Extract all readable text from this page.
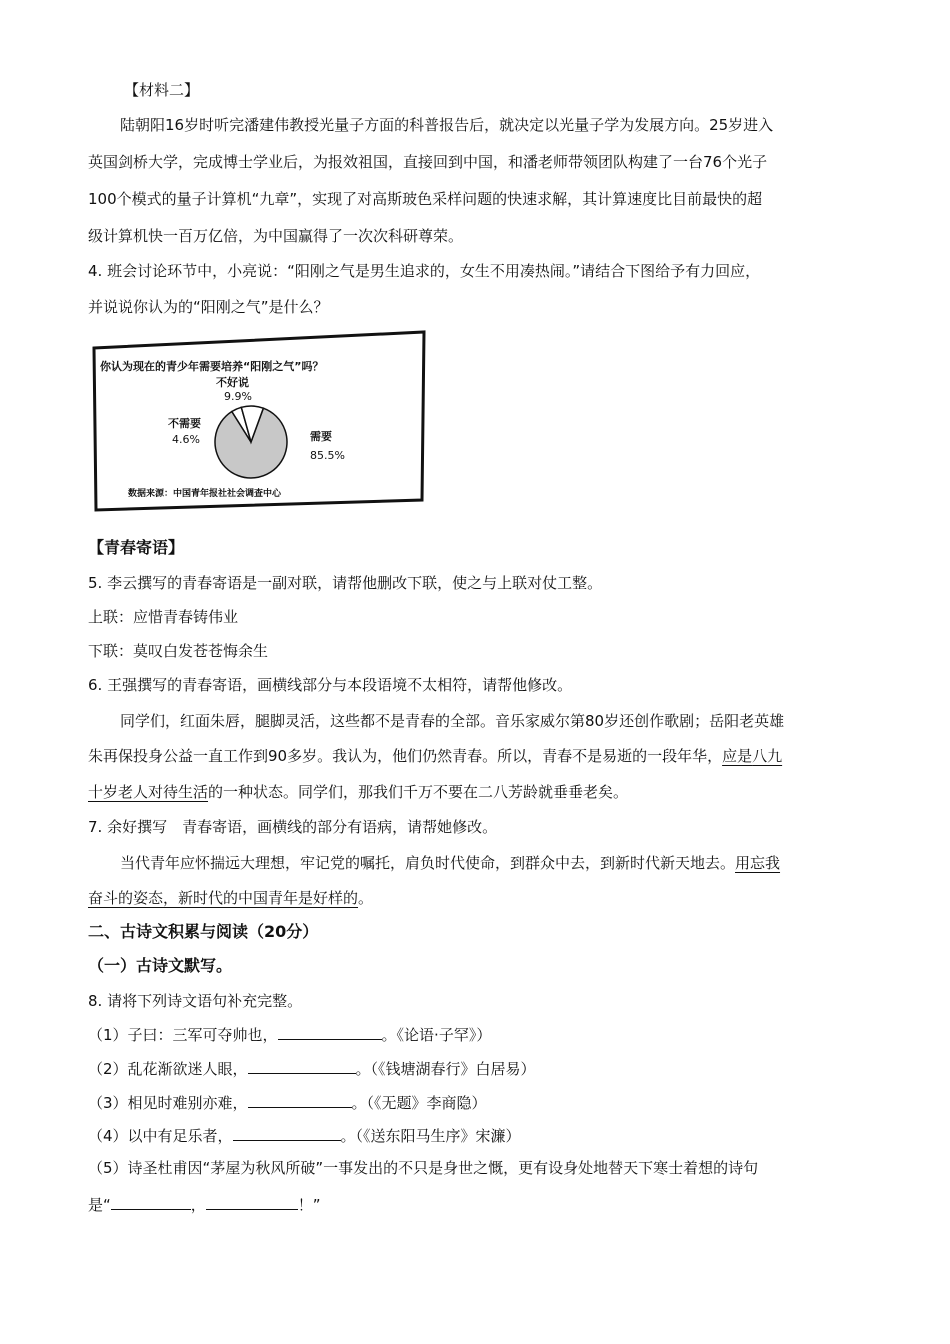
【材料二】
陆朝阳16岁时听完潘建伟教授光量子方面的科普报告后，就决定以光量子学为发展方向。25岁进入
英国剑桥大学，完成博士学业后，为报效祖国，直接回到中国，和潘老师带领团队构建了一台76个光子
100个模式的量子计算机“九章”，实现了对高斯玻色采样问题的快速求解，其计算速度比目前最快的超
级计算机快一百万亿倍，为中国赢得了一次次科研尊荣。
4. 班会讨论环节中，小亮说：“阳刚之气是男生追求的，女生不用凑热闹。”请结合下图给予有力回应，
并说说你认为的“阳刚之气”是什么？
你认为现在的青少年需要培养“阳刚之气”吗？
不好说
9.9%
不需要
4.6%	需要
85.5%
数据来源：中国青年报社社会调查中心
【青春寄语】
5. 李云撰写的青春寄语是一副对联，请帮他删改下联，使之与上联对仗工整。
上联：应惜青春铸伟业
下联：莫叹白发苍苍悔余生
6. 王强撰写的青春寄语，画横线部分与本段语境不太相符，请帮他修改。
同学们，红面朱唇，腿脚灵活，这些都不是青春的全部。音乐家威尔第80岁还创作歌剧；岳阳老英雄
朱再保投身公益一直工作到90多岁。我认为，他们仍然青春。所以，青春不是易逝的一段年华，应是八九
十岁老人对待生活的一种状态。同学们，那我们千万不要在二八芳龄就垂垂老矣。
7. 余好撰写　青春寄语，画横线的部分有语病，请帮她修改。
当代青年应怀揣远大理想，牢记党的嘱托，肩负时代使命，到群众中去，到新时代新天地去。用忘我
奋斗的姿态，新时代的中国青年是好样的。
二、古诗文积累与阅读（20分）
（一）古诗文默写。
8. 请将下列诗文语句补充完整。
（1）子曰：三军可夺帅也，	。《论语·子罕》）
（2）乱花渐欲迷人眼，	。（《钱塘湖春行》白居易）
（3）相见时难别亦难，	。（《无题》李商隐）
（4）以中有足乐者，	。（《送东阳马生序》宋濂）
（5）诗圣杜甫因“茅屋为秋风所破”一事发出的不只是身世之慨，更有设身处地替天下寒士着想的诗句
是“	，	！”
